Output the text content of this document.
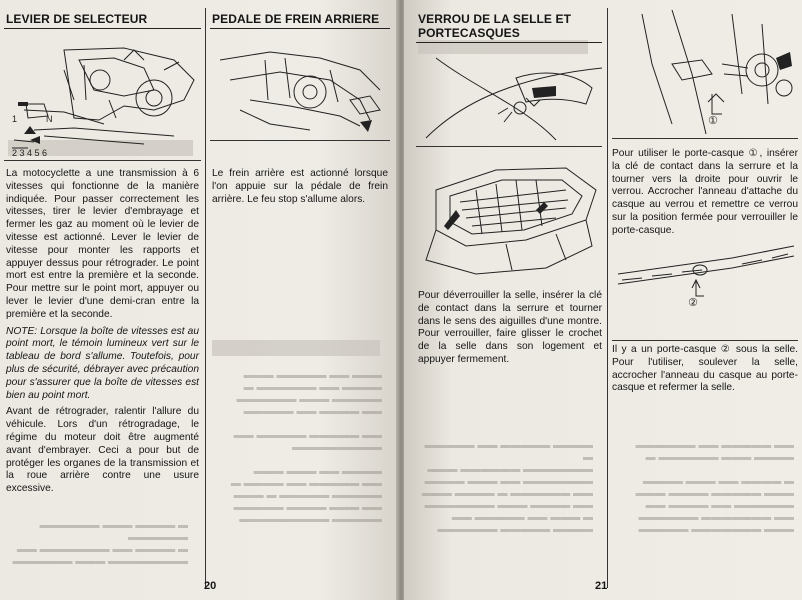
▬▬▬ ▬▬ ▬▬▬▬▬ ▬▬▬
▬▬▬▬ ▬▬ ▬▬▬▬▬▬ ▬
▬▬▬▬▬ ▬▬▬ ▬▬▬▬▬▬
▬▬ ▬▬▬▬ ▬▬ ▬▬▬▬▬

▬▬ ▬▬▬▬▬ ▬▬▬▬▬ ▬▬
▬▬▬▬▬▬▬▬▬

▬▬▬▬ ▬▬ ▬▬▬ ▬▬▬
▬▬ ▬▬▬▬▬ ▬▬ ▬▬▬▬ ▬
▬▬▬▬▬ ▬▬▬▬▬ ▬ ▬▬▬
▬▬ ▬▬▬ ▬▬▬▬ ▬▬▬▬▬
▬▬▬▬▬ ▬▬▬▬▬▬▬▬▬
▬ ▬▬▬▬ ▬▬▬ ▬▬▬▬▬▬
▬▬▬▬▬▬
▬ ▬▬▬▬ ▬▬ ▬▬▬▬▬▬▬ ▬▬
▬▬▬▬▬▬▬▬ ▬▬▬ ▬▬▬▬▬▬
LEVIER DE SELECTEUR
1	N
2 3 4 5 6

La motocyclette a une transmission à 6 vitesses qui fonctionne de la manière indiquée. Pour passer correctement les vitesses, tirer le levier d'embrayage et fermer les gaz au moment où le levier de vitesse est actionné. Lever le levier de vitesse pour monter les rapports et appuyer dessus pour rétrograder. Le point mort est entre la première et la seconde. Pour mettre sur le point mort, appuyer ou lever le levier d'une demi-cran entre la première et la seconde.

NOTE: Lorsque la boîte de vitesses est au point mort, le témoin lumineux vert sur le tableau de bord s'allume. Toutefois, pour plus de sécurité, débrayer avec précaution pour s'assurer que la boîte de vitesses est bien au point mort.

Avant de rétrograder, ralentir l'allure du véhicule. Lors d'un rétrogradage, le régime du moteur doit être augmenté avant d'embrayer. Ceci a pour but de protéger les organes de la transmission et la roue arrière contre une usure excessive.

PEDALE DE FREIN ARRIERE

Le frein arrière est actionné lorsque l'on appuie sur la pédale de frein arrière. Le feu stop s'allume alors.

20
▬▬▬▬ ▬▬▬▬▬ ▬▬ ▬▬▬▬▬ ▬
▬▬▬▬▬▬▬ ▬▬▬▬▬▬ ▬▬▬
▬▬▬▬▬▬▬ ▬▬ ▬▬▬ ▬▬▬▬
▬▬ ▬▬▬▬▬▬ ▬ ▬▬▬▬ ▬▬▬
▬▬ ▬▬▬▬ ▬▬▬ ▬▬▬▬▬▬▬
▬ ▬▬▬ ▬▬ ▬▬▬▬▬ ▬▬
▬▬▬▬ ▬▬▬▬▬ ▬▬▬▬▬▬
▬▬ ▬▬▬▬▬ ▬▬ ▬▬▬▬▬▬
▬▬▬▬ ▬▬▬ ▬▬▬▬▬▬ ▬

▬ ▬▬▬▬ ▬▬ ▬▬▬ ▬▬▬▬
▬▬▬ ▬▬▬▬▬ ▬▬▬▬ ▬▬▬
▬▬▬▬▬▬ ▬▬ ▬▬▬▬ ▬▬
▬▬ ▬▬▬▬▬▬▬ ▬▬▬▬▬▬
▬▬▬ ▬▬▬▬▬▬▬ ▬▬▬▬▬
VERROU DE LA SELLE ET
PORTECASQUES

Pour déverrouiller la selle, insérer la clé de contact dans la serrure et tourner dans le sens des aiguilles d'une montre. Pour verrouiller, faire glisser le crochet de la selle dans son logement et appuyer fermement.

①

Pour utiliser le porte-casque ①, insérer la clé de contact dans la serrure et la tourner vers la droite pour ouvrir le verrou. Accrocher l'anneau d'attache du casque au verrou et remettre ce verrou sur la position fermée pour verrouiller le porte-casque.

②

Il y a un porte-casque ② sous la selle. Pour l'utiliser, soulever la selle, accrocher l'anneau du casque au porte-casque et refermer la selle.

21
